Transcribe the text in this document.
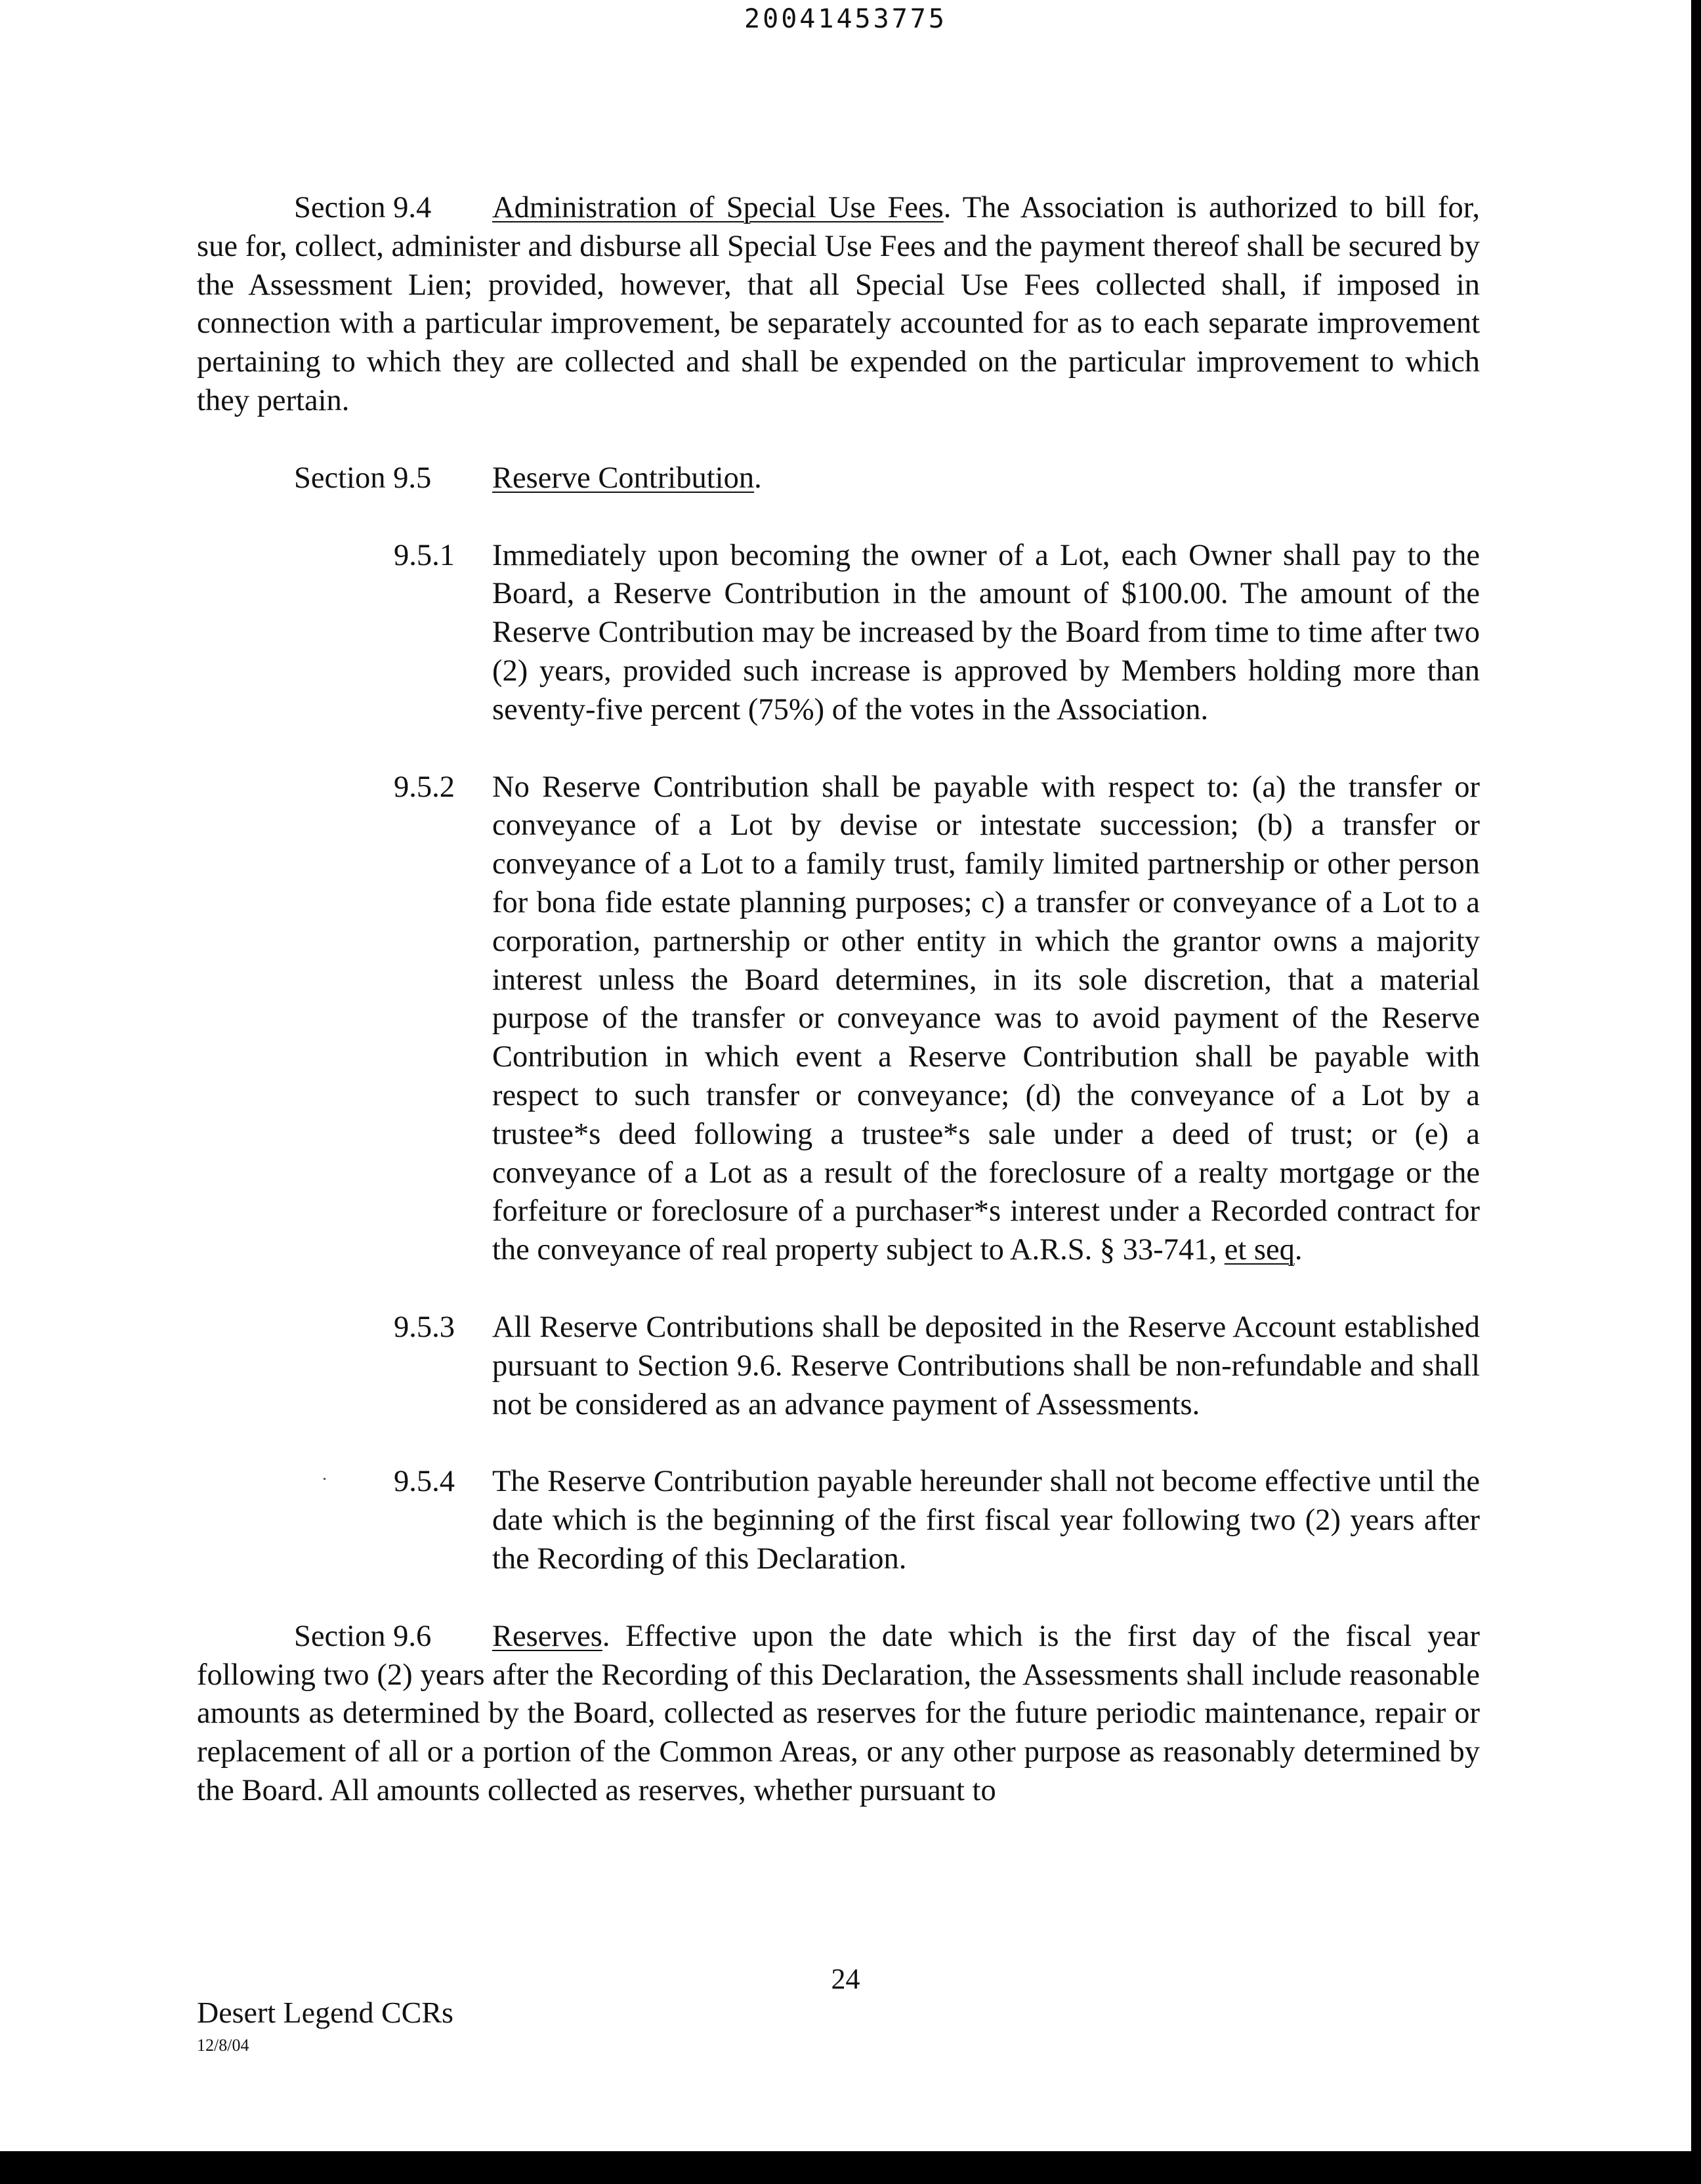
20041453775

Section 9.4 Administration of Special Use Fees. The Association is authorized to bill for, sue for, collect, administer and disburse all Special Use Fees and the payment thereof shall be secured by the Assessment Lien; provided, however, that all Special Use Fees collected shall, if imposed in connection with a particular improvement, be separately accounted for as to each separate improvement pertaining to which they are collected and shall be expended on the particular improvement to which they pertain.

Section 9.5 Reserve Contribution.

9.5.1 Immediately upon becoming the owner of a Lot, each Owner shall pay to the Board, a Reserve Contribution in the amount of $100.00. The amount of the Reserve Contribution may be increased by the Board from time to time after two (2) years, provided such increase is approved by Members holding more than seventy-five percent (75%) of the votes in the Association.

9.5.2 No Reserve Contribution shall be payable with respect to: (a) the transfer or conveyance of a Lot by devise or intestate succession; (b) a transfer or conveyance of a Lot to a family trust, family limited partnership or other person for bona fide estate planning purposes; c) a transfer or conveyance of a Lot to a corporation, partnership or other entity in which the grantor owns a majority interest unless the Board determines, in its sole discretion, that a material purpose of the transfer or conveyance was to avoid payment of the Reserve Contribution in which event a Reserve Contribution shall be payable with respect to such transfer or conveyance; (d) the conveyance of a Lot by a trustee*s deed following a trustee*s sale under a deed of trust; or (e) a conveyance of a Lot as a result of the foreclosure of a realty mortgage or the forfeiture or foreclosure of a purchaser*s interest under a Recorded contract for the conveyance of real property subject to A.R.S. § 33-741, et seq.

9.5.3 All Reserve Contributions shall be deposited in the Reserve Account established pursuant to Section 9.6. Reserve Contributions shall be non-refundable and shall not be considered as an advance payment of Assessments.

9.5.4 The Reserve Contribution payable hereunder shall not become effective until the date which is the beginning of the first fiscal year following two (2) years after the Recording of this Declaration.

Section 9.6 Reserves. Effective upon the date which is the first day of the fiscal year following two (2) years after the Recording of this Declaration, the Assessments shall include reasonable amounts as determined by the Board, collected as reserves for the future periodic maintenance, repair or replacement of all or a portion of the Common Areas, or any other purpose as reasonably determined by the Board. All amounts collected as reserves, whether pursuant to

24
Desert Legend CCRs
12/8/04
